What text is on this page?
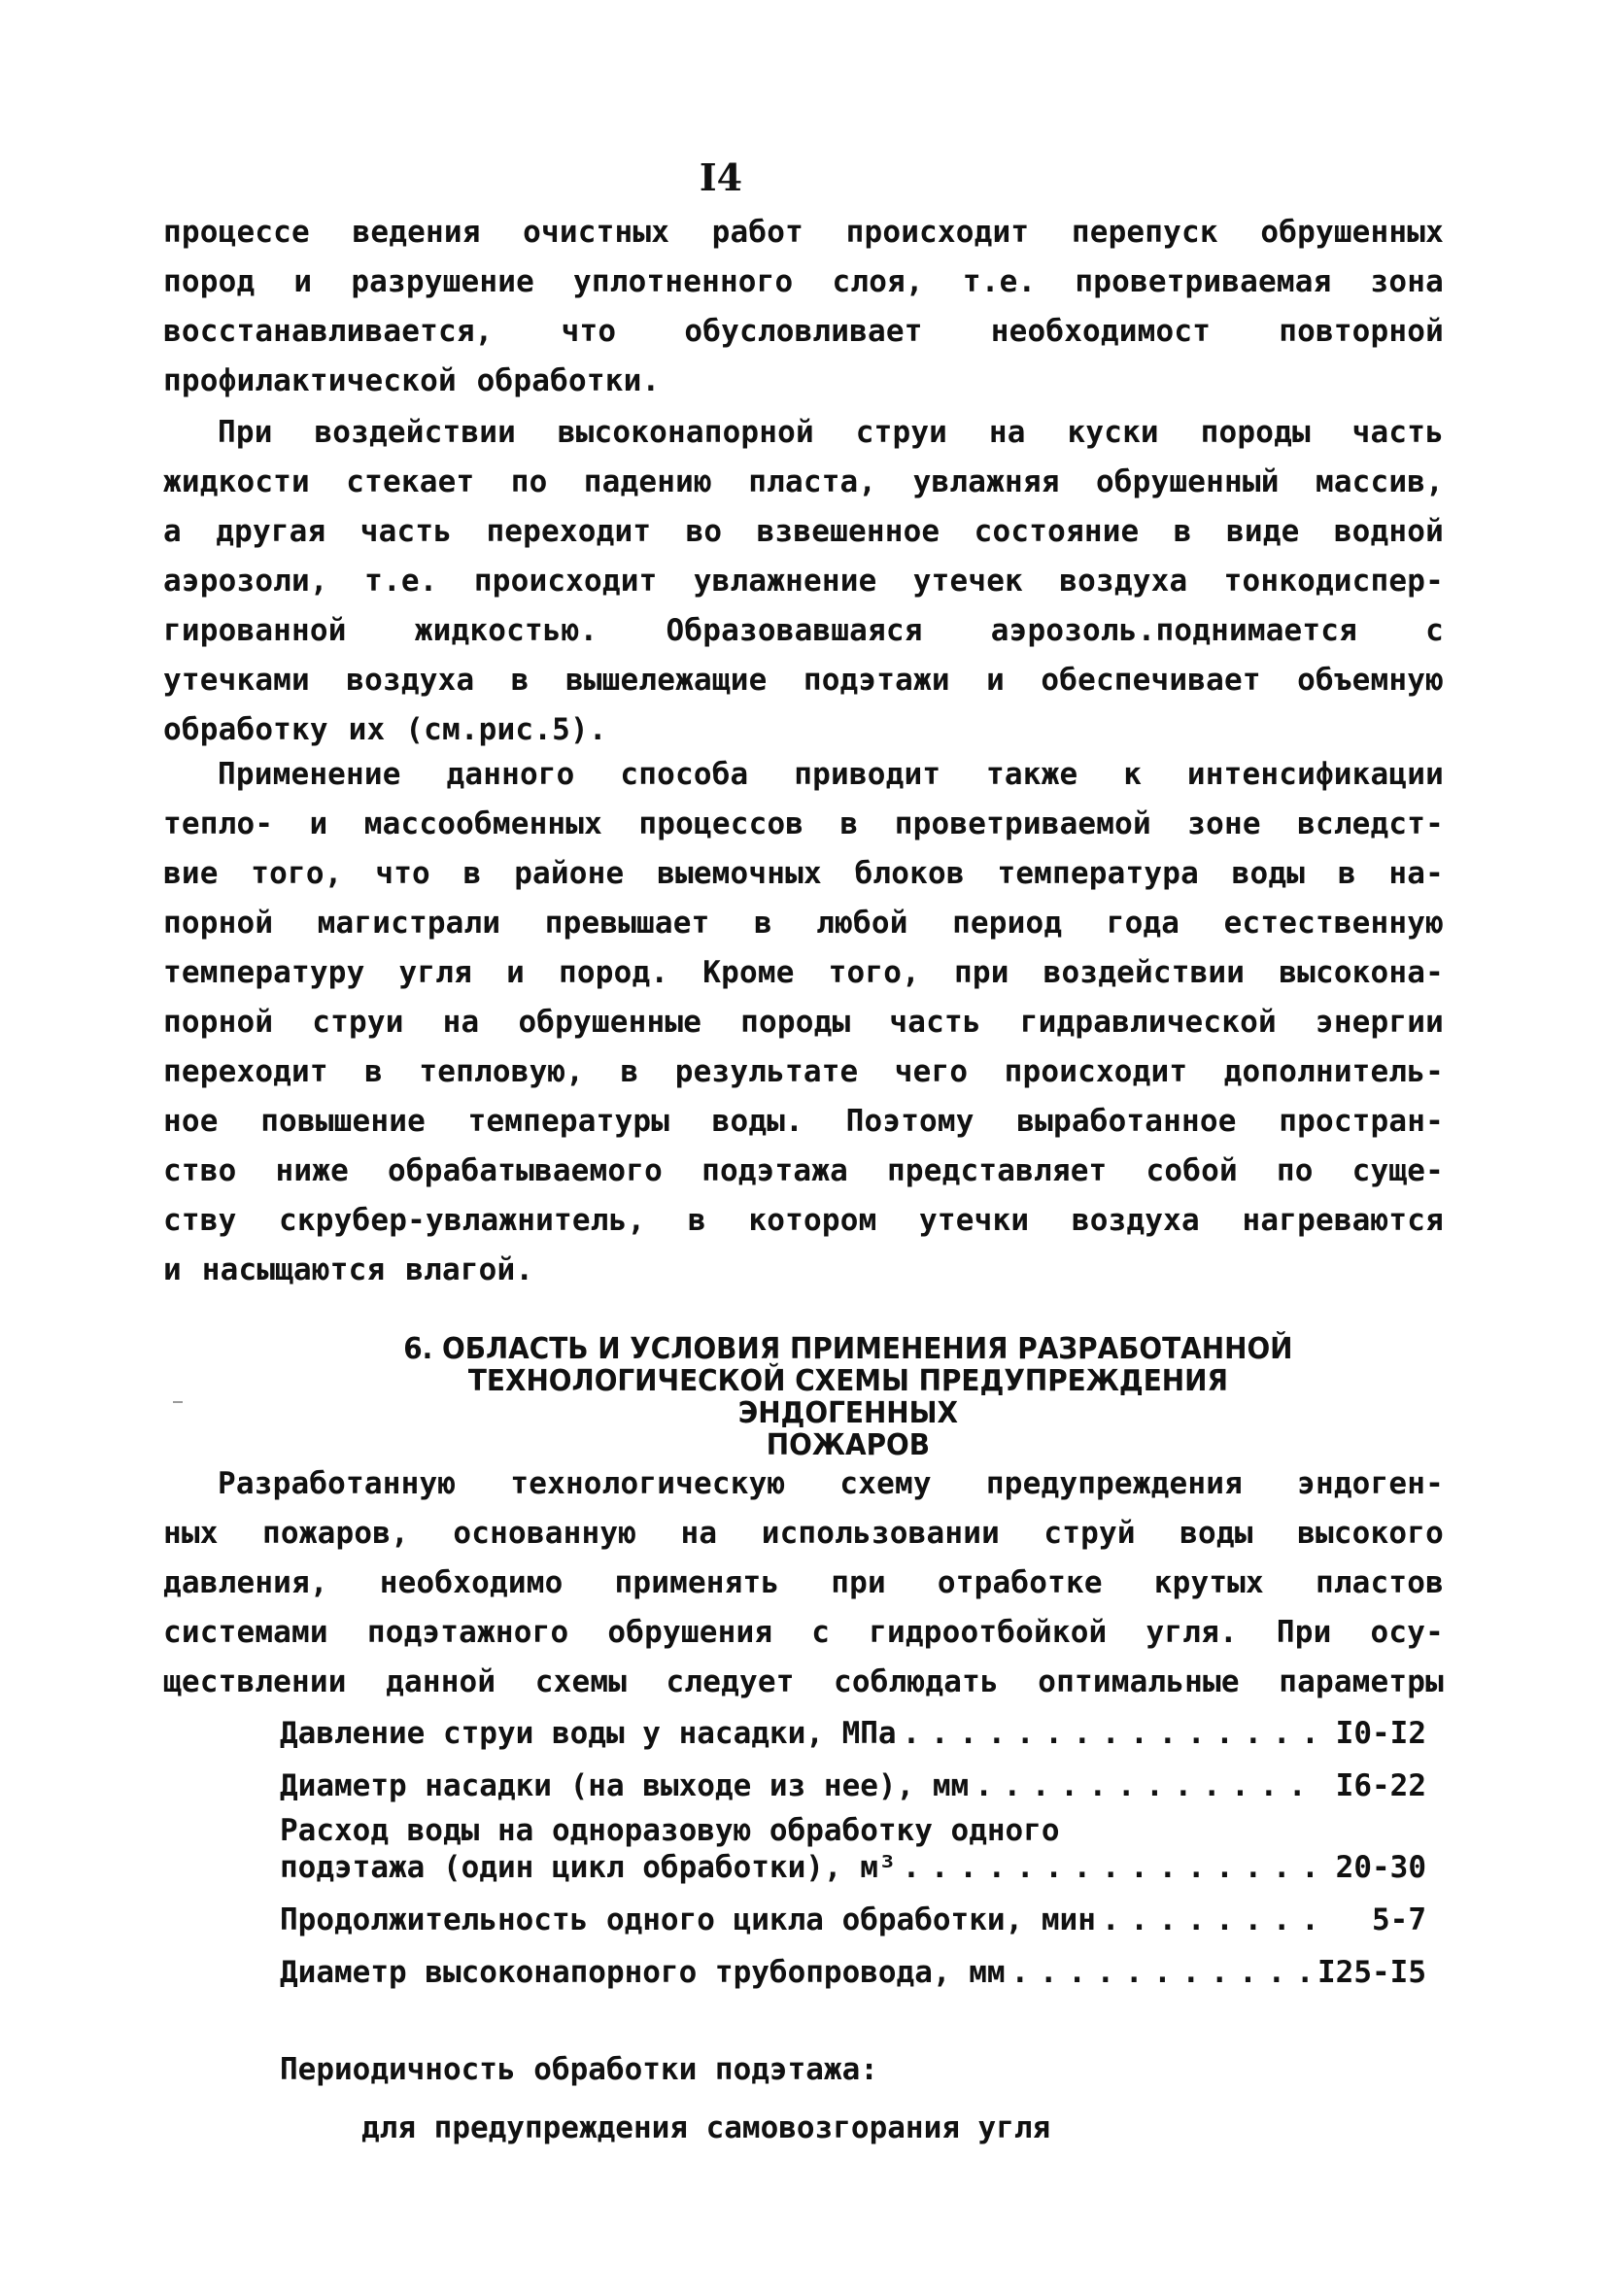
I4
процессе ведения очистных работ происходит перепуск обрушенных
пород и разрушение уплотненного слоя, т.е. проветриваемая зона
восстанавливается, что обусловливает необходимост повторной
профилактической обработки.
При воздействии высоконапорной струи на куски породы часть
жидкости стекает по падению пласта, увлажняя обрушенный массив,
а другая часть переходит во взвешенное состояние в виде водной
аэрозоли, т.е. происходит увлажнение утечек воздуха тонкодиспер-
гированной жидкостью. Образовавшаяся аэрозоль.поднимается с
утечками воздуха в вышележащие подэтажи и обеспечивает объемную
обработку их (см.рис.5).
Применение данного способа приводит также к интенсификации
тепло- и массообменных процессов в проветриваемой зоне вследст-
вие того, что в районе выемочных блоков температура воды в на-
порной магистрали превышает в любой период года естественную
температуру угля и пород. Кроме того, при воздействии высокона-
порной струи на обрушенные породы часть гидравлической энергии
переходит в тепловую, в результате чего происходит дополнитель-
ное повышение температуры воды. Поэтому выработанное простран-
ство ниже обрабатываемого подэтажа представляет собой по суще-
ству скрубер-увлажнитель, в котором утечки воздуха нагреваются
и насыщаются влагой.
6. ОБЛАСТЬ И УСЛОВИЯ ПРИМЕНЕНИЯ РАЗРАБОТАННОЙ
ТЕХНОЛОГИЧЕСКОЙ СХЕМЫ ПРЕДУПРЕЖДЕНИЯ ЭНДОГЕННЫХ
ПОЖАРОВ
Разработанную технологическую схему предупреждения эндоген-
ных пожаров, основанную на использовании струй воды высокого
давления, необходимо применять при отработке крутых пластов
системами подэтажного обрушения с гидроотбойкой угля. При осу-
ществлении данной схемы следует соблюдать оптимальные параметры
Давление струи воды у насадки, МПа . . .	I0-I2
Диаметр насадки (на выходе из нее), мм . . .	I6-22
Расход воды на одноразовую обработку одного
подэтажа (один цикл обработки), м³ . . .	20-30
Продолжительность одного цикла обработки, мин . . .	5-7
Диаметр высоконапорного трубопровода, мм . . .	I25-I5
Периодичность обработки подэтажа:
для предупреждения самовозгорания угля
